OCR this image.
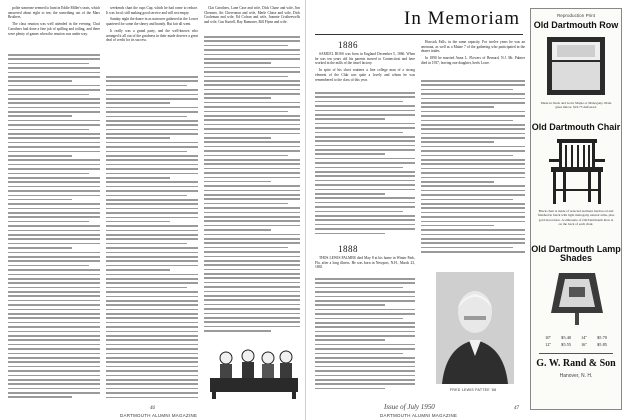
polite someone seemed to hunt in Eddie Miller's seats, which answered about eight to ten; the something out of the Mars Brothers.

The class reunion was well attended in the evening. Chuf Carothers had done a fine job of spilling and toiling, and there were plenty of games when the reunion was under way.

weekends chart the cups Cup, which he had come to reduce. It was local; still making good service and will not empty.

Sunday night the dance in as narrower gathered in the Lower quartered for some the sherry and brandy. But fair all went.

It really was a grand party, and the well-known who arranged it all out of the goodness in their made deserve a great deal of credit for its success.

Clat Carothers, Lane Case and wife, Dick Chase and wife, Jim Chesmer, Art Chevronon and wife, Merle Chase and wife, Dick Cooleman and wife, Ed Cofran and wife, Jeannie Crotheewells and wife, Gus Kurtell, Ray Ramoner, Bill Flynn and wife.

46
DARTMOUTH ALUMNI MAGAZINE
In Memoriam
1886

SAMUEL ROSS was born in England December 5, 1866. When he was ten years old his parents moved to Connecticut and here worked in the mills of the tinsel factory.

In spite of his short routines a fine college man of a strong element of the Club was quite a lovely and whom he was remembered to the class of this year.

1888

THOS LEWIS PALMER died May 8 at his home in Winter Park, Fla. after a long illness. He was born in Newport, N.H., March 23, 1865.

Hoosick Falls, in the same capacity. For twelve years he was an aeronaut, as well as a Maine 7 of the gathering who participated in the dearer trades.

In 1890 he married Anna L. Flowers of Bernard, N.J. Mr. Palmer died in 1937, leaving one daughter, heels Lowe.

FRED LEWIS PATTEE '88
Issue of July 1950	47
Reproduction Print
Old Dartmouth Row
Made in black and Gold, Maple or Mahogany. Plain glass mirror. $19.75 delivered.
Old Dartmouth Chair
Black chair is made of selected northern hardwood and finished in black with light mahogany natural arms, plus gold decoration. A silhouette of Old Dartmouth Row is on the back of each chair.
Old Dartmouth Lamp Shades
10" $5.40 14" $5.70
12" $5.55 16" $5.85
G. W. Rand & Son
Hanover, N. H.
DARTMOUTH ALUMNI MAGAZINE
